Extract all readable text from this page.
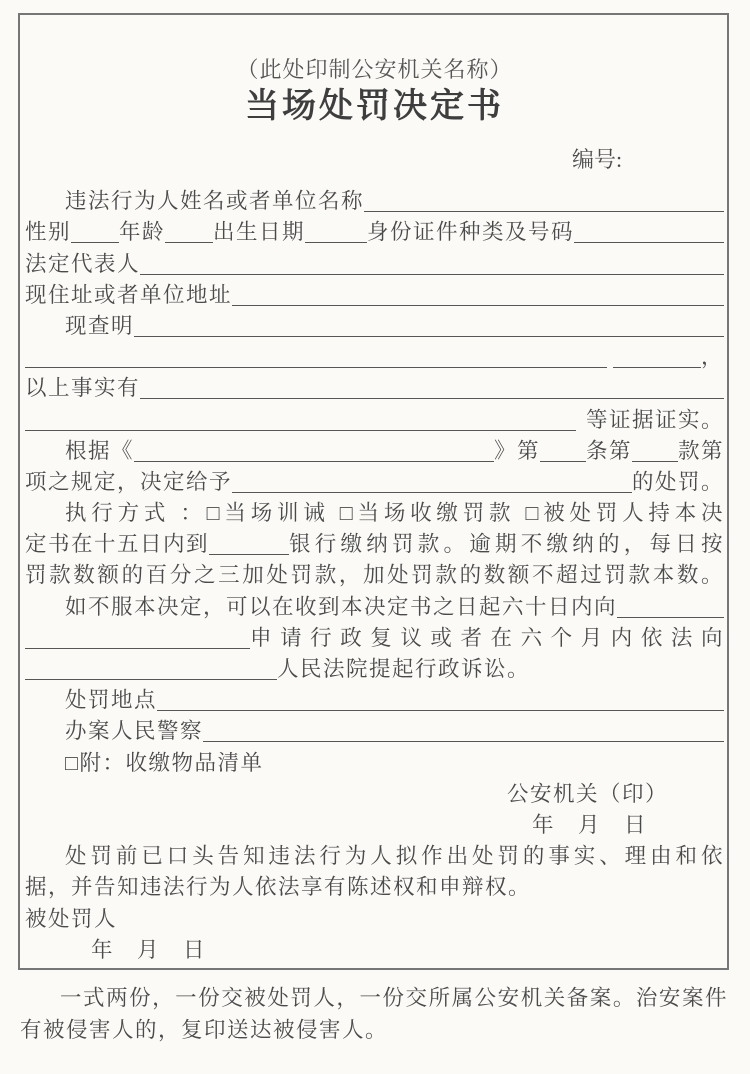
（此处印制公安机关名称）
当场处罚决定书
编号:
违法行为人姓名或者单位名称
性别 年龄 出生日期	身份证件种类及号码
法定代表人
现住址或者单位地址
现查明
，
以上事实有
等证据证实。
根据《	》第 条第 款第
项之规定，决定给予	的处罚。
执行方式 ：□当场训诫 □当场收缴罚款 □被处罚人持本决
定书在十五日内到	银行缴纳罚款。逾期不缴纳的，每日按
罚款数额的百分之三加处罚款，加处罚款的数额不超过罚款本数。
如不服本决定，可以在收到本决定书之日起六十日内向
申请行政复议或者在六个月内依法向
人民法院提起行政诉讼。
处罚地点
办案人民警察
□附：收缴物品清单
公安机关（印）
年　月　日
处罚前已口头告知违法行为人拟作出处罚的事实、理由和依
据，并告知违法行为人依法享有陈述权和申辩权。
被处罚人
年　月　日
一式两份，一份交被处罚人，一份交所属公安机关备案。治安案件
有被侵害人的，复印送达被侵害人。
